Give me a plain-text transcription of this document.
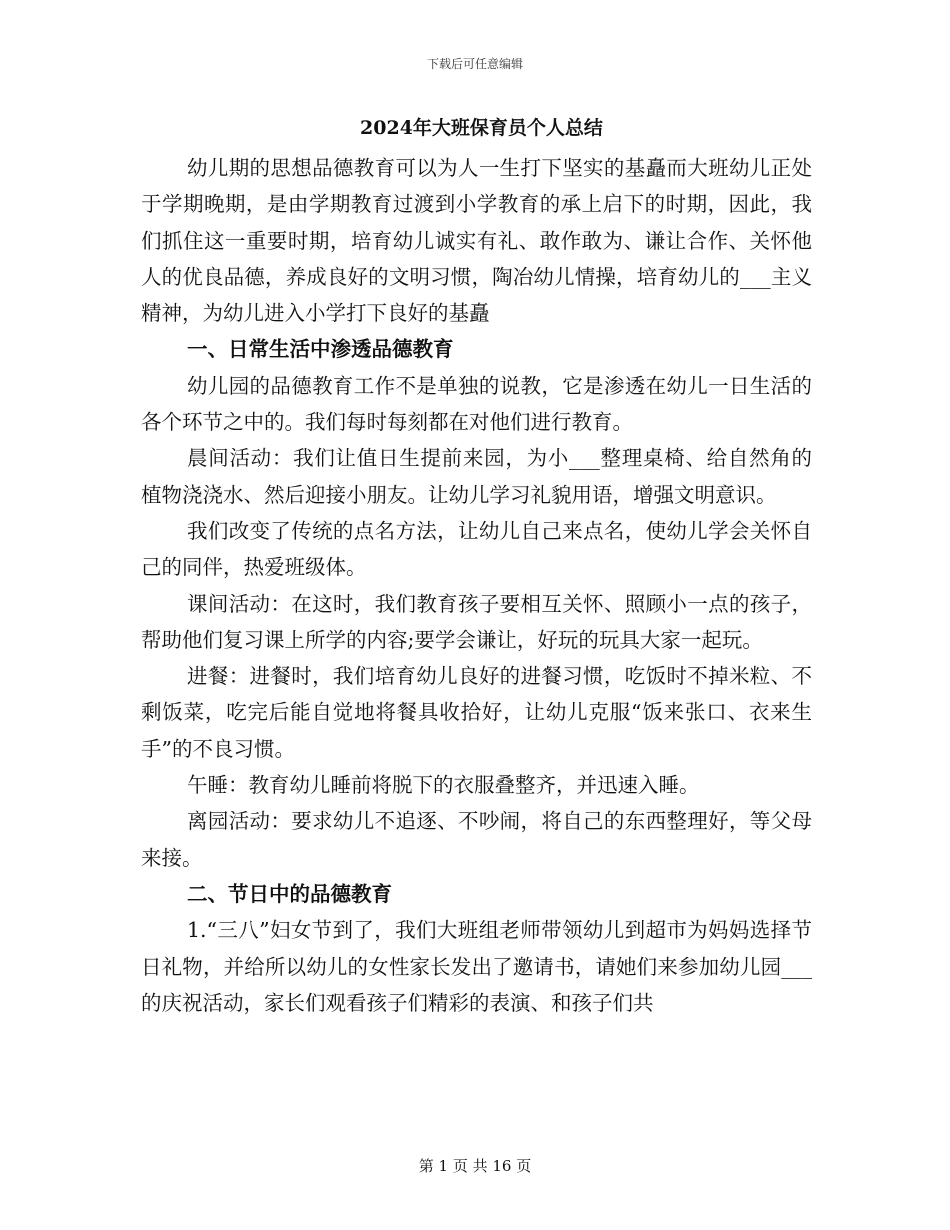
下载后可任意编辑
2024年大班保育员个人总结

幼儿期的思想品德教育可以为人一生打下坚实的基矗而大班幼儿正处于学期晚期，是由学期教育过渡到小学教育的承上启下的时期，因此，我们抓住这一重要时期，培育幼儿诚实有礼、敢作敢为、谦让合作、关怀他人的优良品德，养成良好的文明习惯，陶冶幼儿情操，培育幼儿的___主义精神，为幼儿进入小学打下良好的基矗

一、日常生活中渗透品德教育

幼儿园的品德教育工作不是单独的说教，它是渗透在幼儿一日生活的各个环节之中的。我们每时每刻都在对他们进行教育。

晨间活动：我们让值日生提前来园，为小___整理桌椅、给自然角的植物浇浇水、然后迎接小朋友。让幼儿学习礼貌用语，增强文明意识。

我们改变了传统的点名方法，让幼儿自己来点名，使幼儿学会关怀自己的同伴，热爱班级体。

课间活动：在这时，我们教育孩子要相互关怀、照顾小一点的孩子，帮助他们复习课上所学的内容;要学会谦让，好玩的玩具大家一起玩。

进餐：进餐时，我们培育幼儿良好的进餐习惯，吃饭时不掉米粒、不剩饭菜，吃完后能自觉地将餐具收拾好，让幼儿克服“饭来张口、衣来生手”的不良习惯。

午睡：教育幼儿睡前将脱下的衣服叠整齐，并迅速入睡。

离园活动：要求幼儿不追逐、不吵闹，将自己的东西整理好，等父母来接。

二、节日中的品德教育

1.“三八”妇女节到了，我们大班组老师带领幼儿到超市为妈妈选择节日礼物，并给所以幼儿的女性家长发出了邀请书，请她们来参加幼儿园___的庆祝活动，家长们观看孩子们精彩的表演、和孩子们共

第 1 页 共 16 页
